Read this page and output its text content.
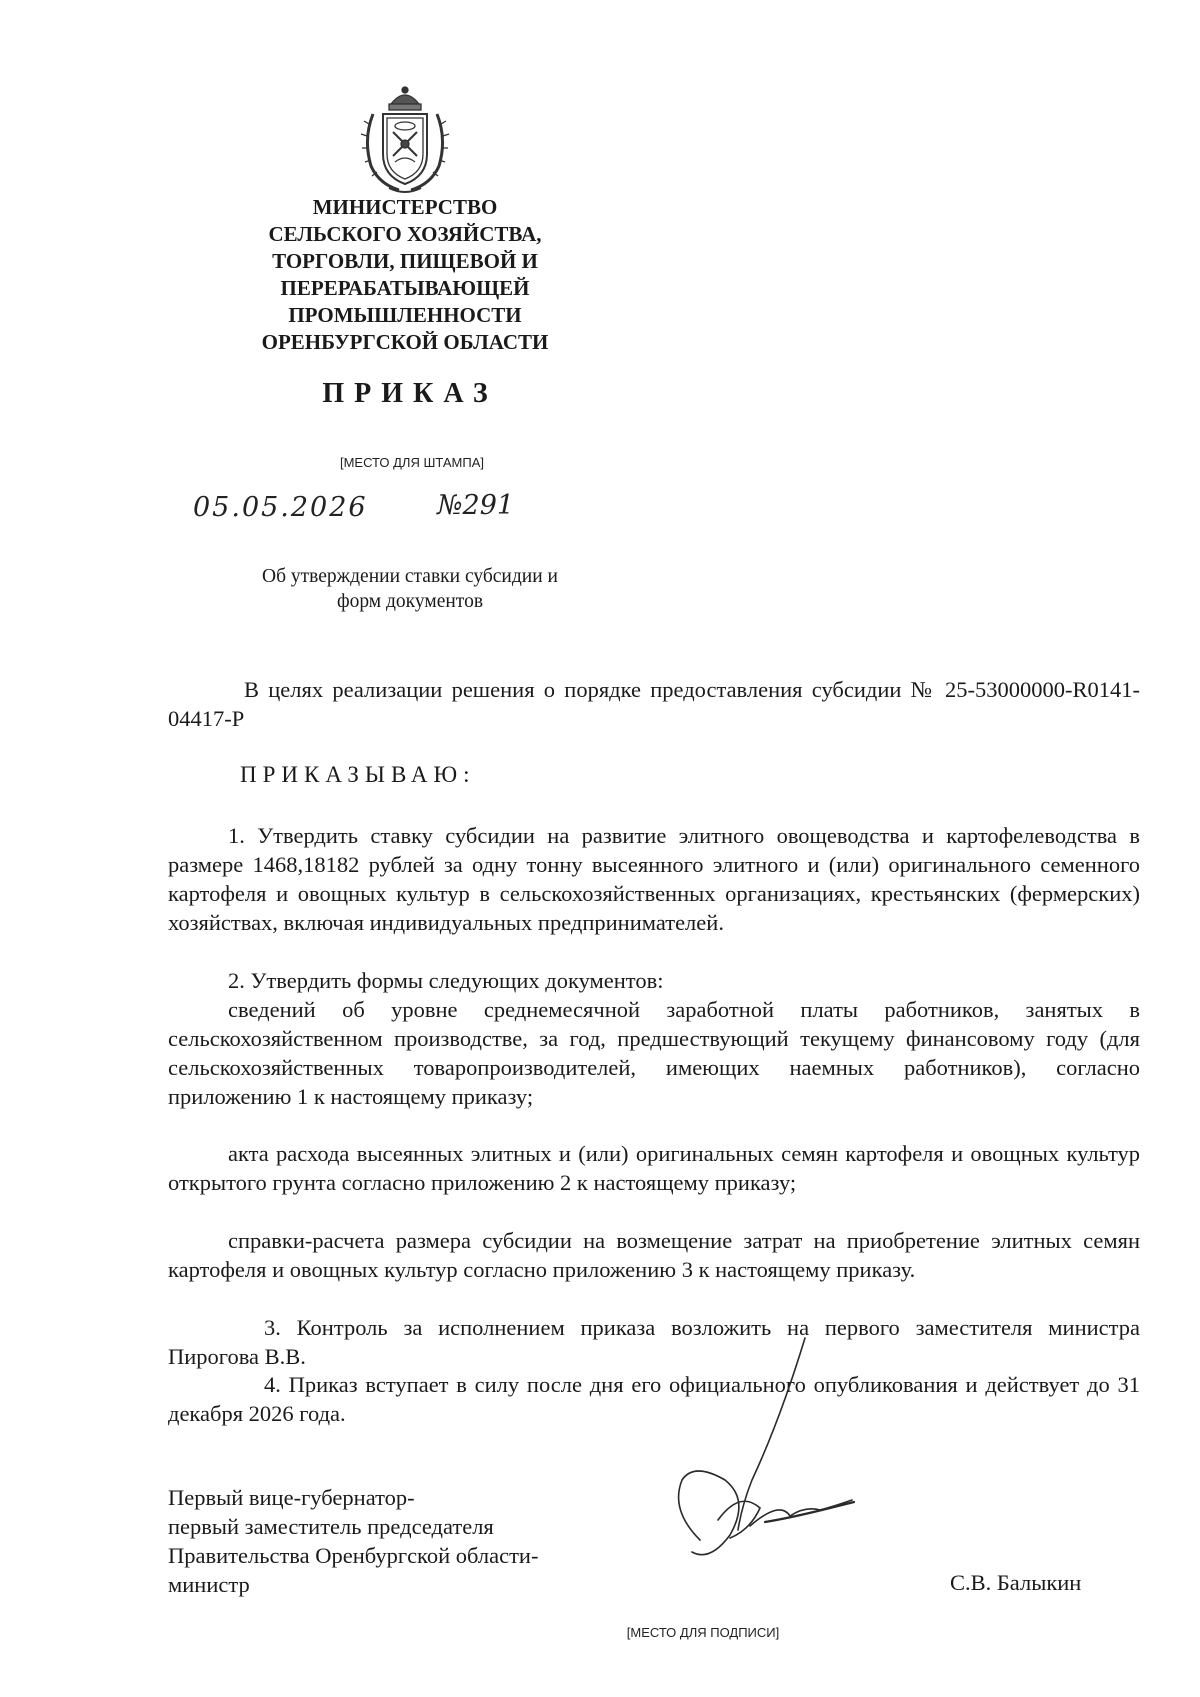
МИНИСТЕРСТВО
СЕЛЬСКОГО ХОЗЯЙСТВА,
ТОРГОВЛИ, ПИЩЕВОЙ И
ПЕРЕРАБАТЫВАЮЩЕЙ
ПРОМЫШЛЕННОСТИ
ОРЕНБУРГСКОЙ ОБЛАСТИ
ПРИКАЗ
[МЕСТО ДЛЯ ШТАМПА]
05.05.2026	№291
Об утверждении ставки субсидии и
форм документов

В целях реализации решения о порядке предоставления субсидии № 25-53000000-R0141-04417-P

ПРИКАЗЫВАЮ:

1. Утвердить ставку субсидии на развитие элитного овощеводства и картофелеводства в размере 1468,18182 рублей за одну тонну высеянного элитного и (или) оригинального семенного картофеля и овощных культур в сельскохозяйственных организациях, крестьянских (фермерских) хозяйствах, включая индивидуальных предпринимателей.

2. Утвердить формы следующих документов:

сведений об уровне среднемесячной заработной платы работников, занятых в сельскохозяйственном производстве, за год, предшествующий текущему финансовому году (для сельскохозяйственных товаропроизводителей, имеющих наемных работников), согласно приложению 1 к настоящему приказу;

акта расхода высеянных элитных и (или) оригинальных семян картофеля и овощных культур открытого грунта согласно приложению 2 к настоящему приказу;

справки-расчета размера субсидии на возмещение затрат на приобретение элитных семян картофеля и овощных культур согласно приложению 3 к настоящему приказу.

3. Контроль за исполнением приказа возложить на первого заместителя министра Пирогова В.В.

4. Приказ вступает в силу после дня его официального опубликования и действует до 31 декабря 2026 года.

Первый вице-губернатор-
первый заместитель председателя
Правительства Оренбургской области-
министр	С.В. Балыкин
[МЕСТО ДЛЯ ПОДПИСИ]
